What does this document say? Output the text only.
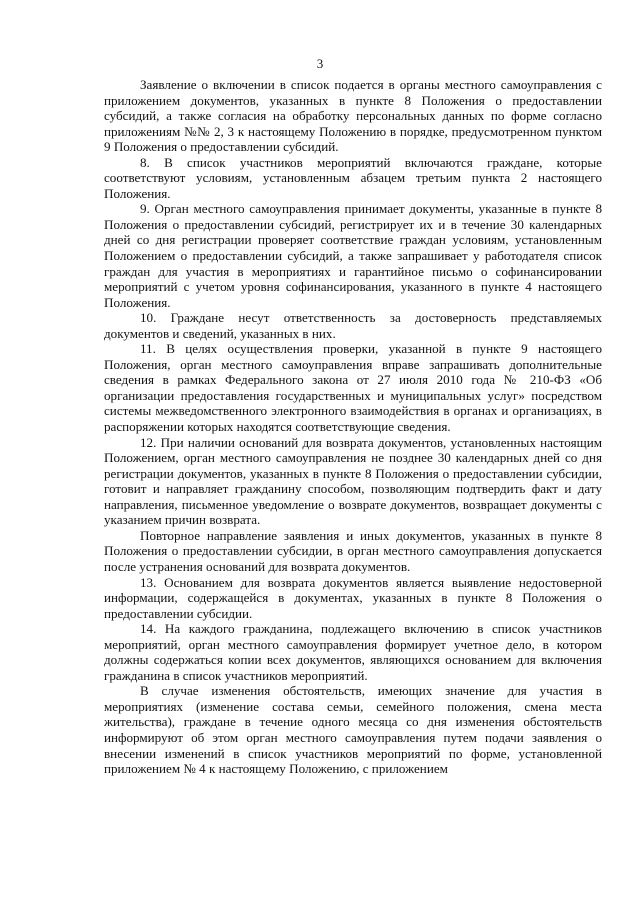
3

Заявление о включении в список подается в органы местного самоуправления с приложением документов, указанных в пункте 8 Положения о предоставлении субсидий, а также согласия на обработку персональных данных по форме согласно приложениям №№ 2, 3 к настоящему Положению в порядке, предусмотренном пунктом 9 Положения о предоставлении субсидий.

8. В список участников мероприятий включаются граждане, которые соответствуют условиям, установленным абзацем третьим пункта 2 настоящего Положения.

9. Орган местного самоуправления принимает документы, указанные в пункте 8 Положения о предоставлении субсидий, регистрирует их и в течение 30 календарных дней со дня регистрации проверяет соответствие граждан условиям, установленным Положением о предоставлении субсидий, а также запрашивает у работодателя список граждан для участия в мероприятиях и гарантийное письмо о софинансировании мероприятий с учетом уровня софинансирования, указанного в пункте 4 настоящего Положения.

10. Граждане несут ответственность за достоверность представляемых документов и сведений, указанных в них.

11. В целях осуществления проверки, указанной в пункте 9 настоящего Положения, орган местного самоуправления вправе запрашивать дополнительные сведения в рамках Федерального закона от 27 июля 2010 года № 210-ФЗ «Об организации предоставления государственных и муниципальных услуг» посредством системы межведомственного электронного взаимодействия в органах и организациях, в распоряжении которых находятся соответствующие сведения.

12. При наличии оснований для возврата документов, установленных настоящим Положением, орган местного самоуправления не позднее 30 календарных дней со дня регистрации документов, указанных в пункте 8 Положения о предоставлении субсидии, готовит и направляет гражданину способом, позволяющим подтвердить факт и дату направления, письменное уведомление о возврате документов, возвращает документы с указанием причин возврата.

Повторное направление заявления и иных документов, указанных в пункте 8 Положения о предоставлении субсидии, в орган местного самоуправления допускается после устранения оснований для возврата документов.

13. Основанием для возврата документов является выявление недостоверной информации, содержащейся в документах, указанных в пункте 8 Положения о предоставлении субсидии.

14. На каждого гражданина, подлежащего включению в список участников мероприятий, орган местного самоуправления формирует учетное дело, в котором должны содержаться копии всех документов, являющихся основанием для включения гражданина в список участников мероприятий.

В случае изменения обстоятельств, имеющих значение для участия в мероприятиях (изменение состава семьи, семейного положения, смена места жительства), граждане в течение одного месяца со дня изменения обстоятельств информируют об этом орган местного самоуправления путем подачи заявления о внесении изменений в список участников мероприятий по форме, установленной приложением № 4 к настоящему Положению, с приложением
